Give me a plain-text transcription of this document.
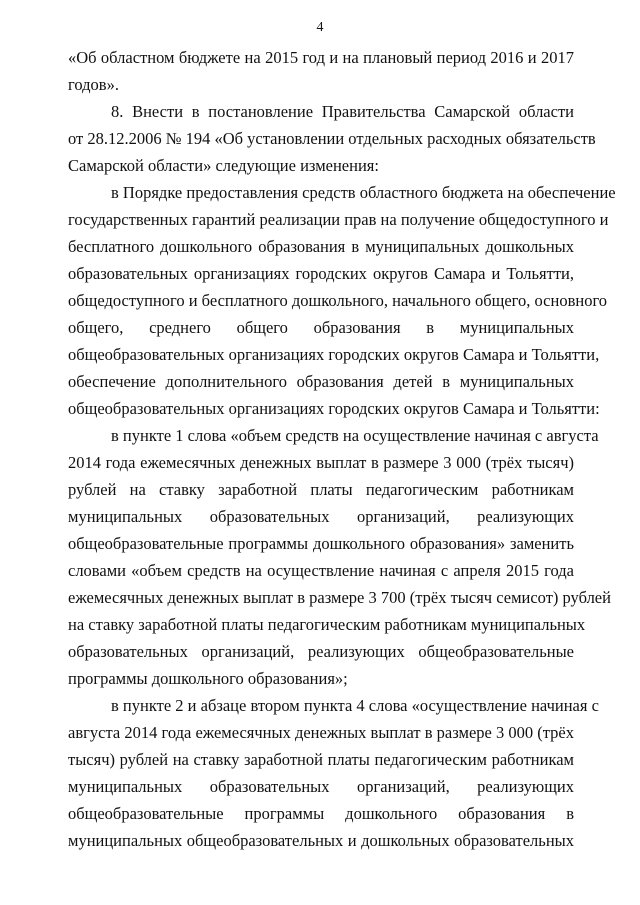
4
«Об областном бюджете на 2015 год и на плановый период 2016 и 2017
годов».
8. Внести в постановление Правительства Самарской области
от 28.12.2006 № 194 «Об установлении отдельных расходных обязательств
Самарской области» следующие изменения:
в Порядке предоставления средств областного бюджета на обеспечение
государственных гарантий реализации прав на получение общедоступного и
бесплатного дошкольного образования в муниципальных дошкольных
образовательных организациях городских округов Самара и Тольятти,
общедоступного и бесплатного дошкольного, начального общего, основного
общего, среднего общего образования в муниципальных
общеобразовательных организациях городских округов Самара и Тольятти,
обеспечение дополнительного образования детей в муниципальных
общеобразовательных организациях городских округов Самара и Тольятти:
в пункте 1 слова «объем средств на осуществление начиная с августа
2014 года ежемесячных денежных выплат в размере 3 000 (трёх тысяч)
рублей на ставку заработной платы педагогическим работникам
муниципальных образовательных организаций, реализующих
общеобразовательные программы дошкольного образования» заменить
словами «объем средств на осуществление начиная с апреля 2015 года
ежемесячных денежных выплат в размере 3 700 (трёх тысяч семисот) рублей
на ставку заработной платы педагогическим работникам муниципальных
образовательных организаций, реализующих общеобразовательные
программы дошкольного образования»;
в пункте 2 и абзаце втором пункта 4 слова «осуществление начиная с
августа 2014 года ежемесячных денежных выплат в размере 3 000 (трёх
тысяч) рублей на ставку заработной платы педагогическим работникам
муниципальных образовательных организаций, реализующих
общеобразовательные программы дошкольного образования в
муниципальных общеобразовательных и дошкольных образовательных
